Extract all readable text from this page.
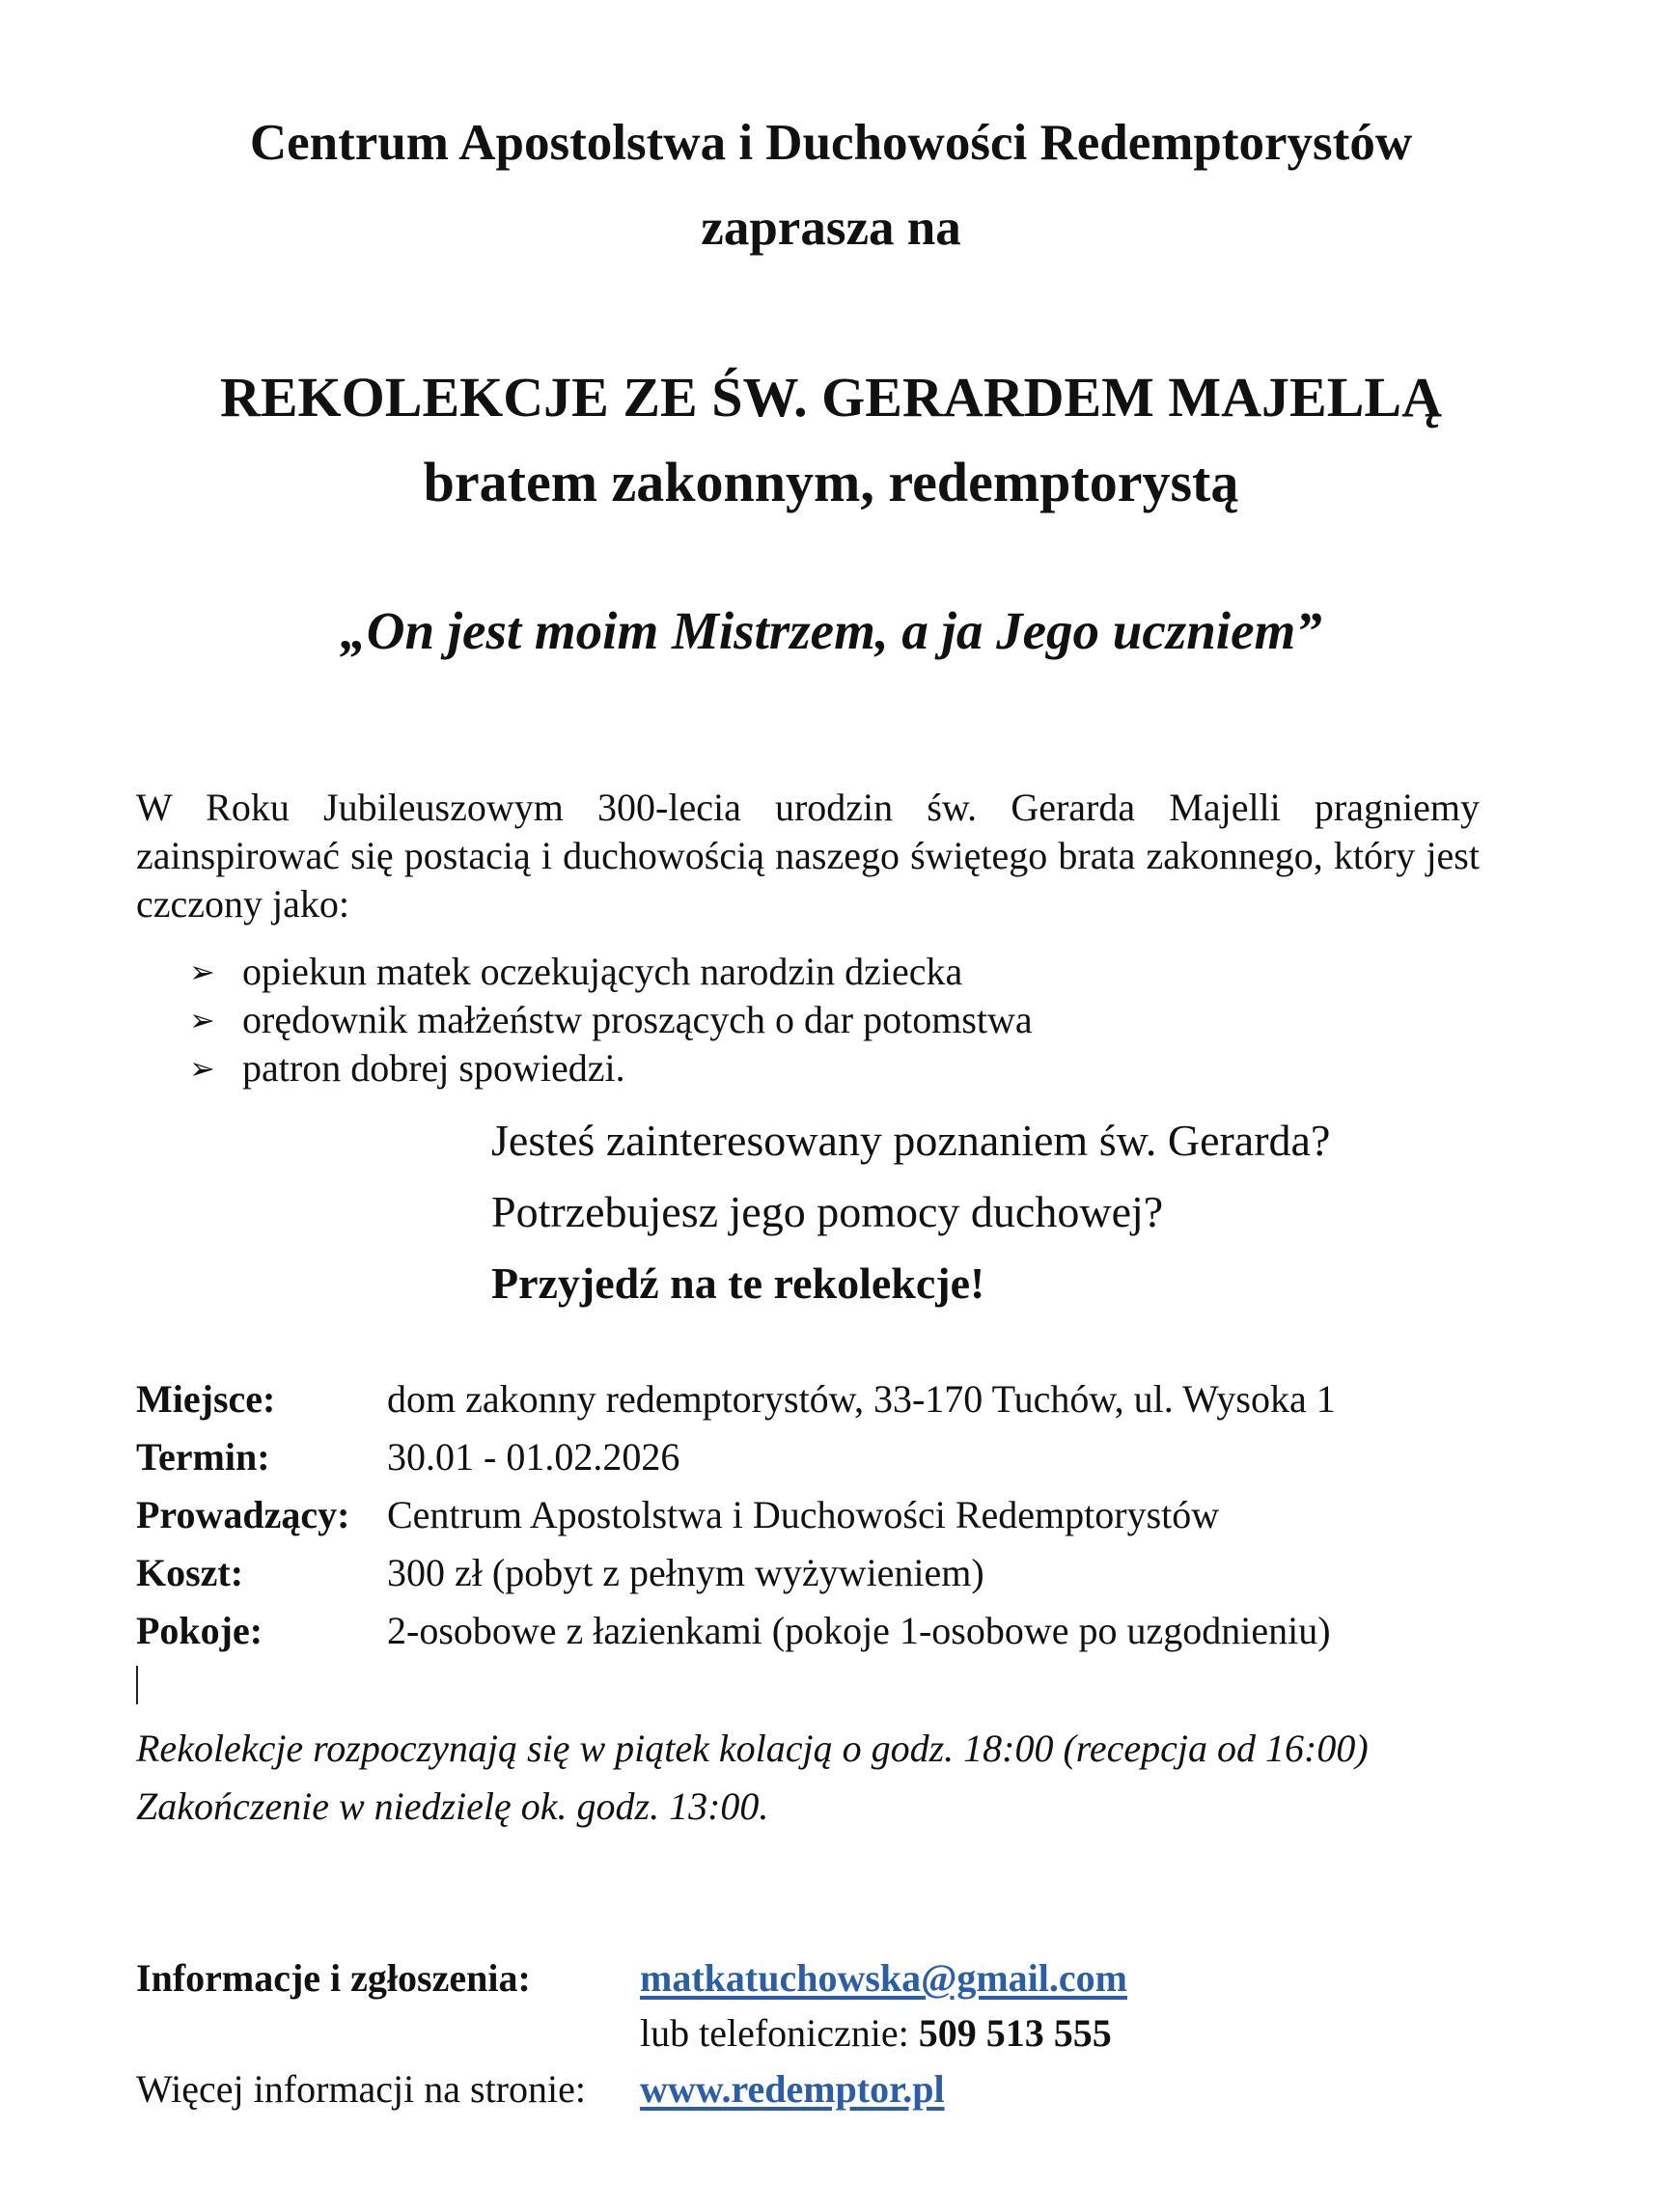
Centrum Apostolstwa i Duchowości Redemptorystów
zaprasza na
REKOLEKCJE ZE ŚW. GERARDEM MAJELLĄ
bratem zakonnym, redemptorystą
„On jest moim Mistrzem, a ja Jego uczniem”
W Roku Jubileuszowym 300-lecia urodzin św. Gerarda Majelli pragniemy zainspirować się postacią i duchowością naszego świętego brata zakonnego, który jest czczony jako:
➢ opiekun matek oczekujących narodzin dziecka
➢ orędownik małżeństw proszących o dar potomstwa
➢ patron dobrej spowiedzi.
Jesteś zainteresowany poznaniem św. Gerarda?
Potrzebujesz jego pomocy duchowej?
Przyjedź na te rekolekcje!
Miejsce:	dom zakonny redemptorystów, 33-170 Tuchów, ul. Wysoka 1
Termin:	30.01 - 01.02.2026
Prowadzący: Centrum Apostolstwa i Duchowości Redemptorystów
Koszt:	300 zł (pobyt z pełnym wyżywieniem)
Pokoje:	2-osobowe z łazienkami (pokoje 1-osobowe po uzgodnieniu)
Rekolekcje rozpoczynają się w piątek kolacją o godz. 18:00 (recepcja od 16:00)
Zakończenie w niedzielę ok. godz. 13:00.
Informacje i zgłoszenia:	matkatuchowska@gmail.com
lub telefonicznie: 509 513 555
Więcej informacji na stronie: www.redemptor.pl
